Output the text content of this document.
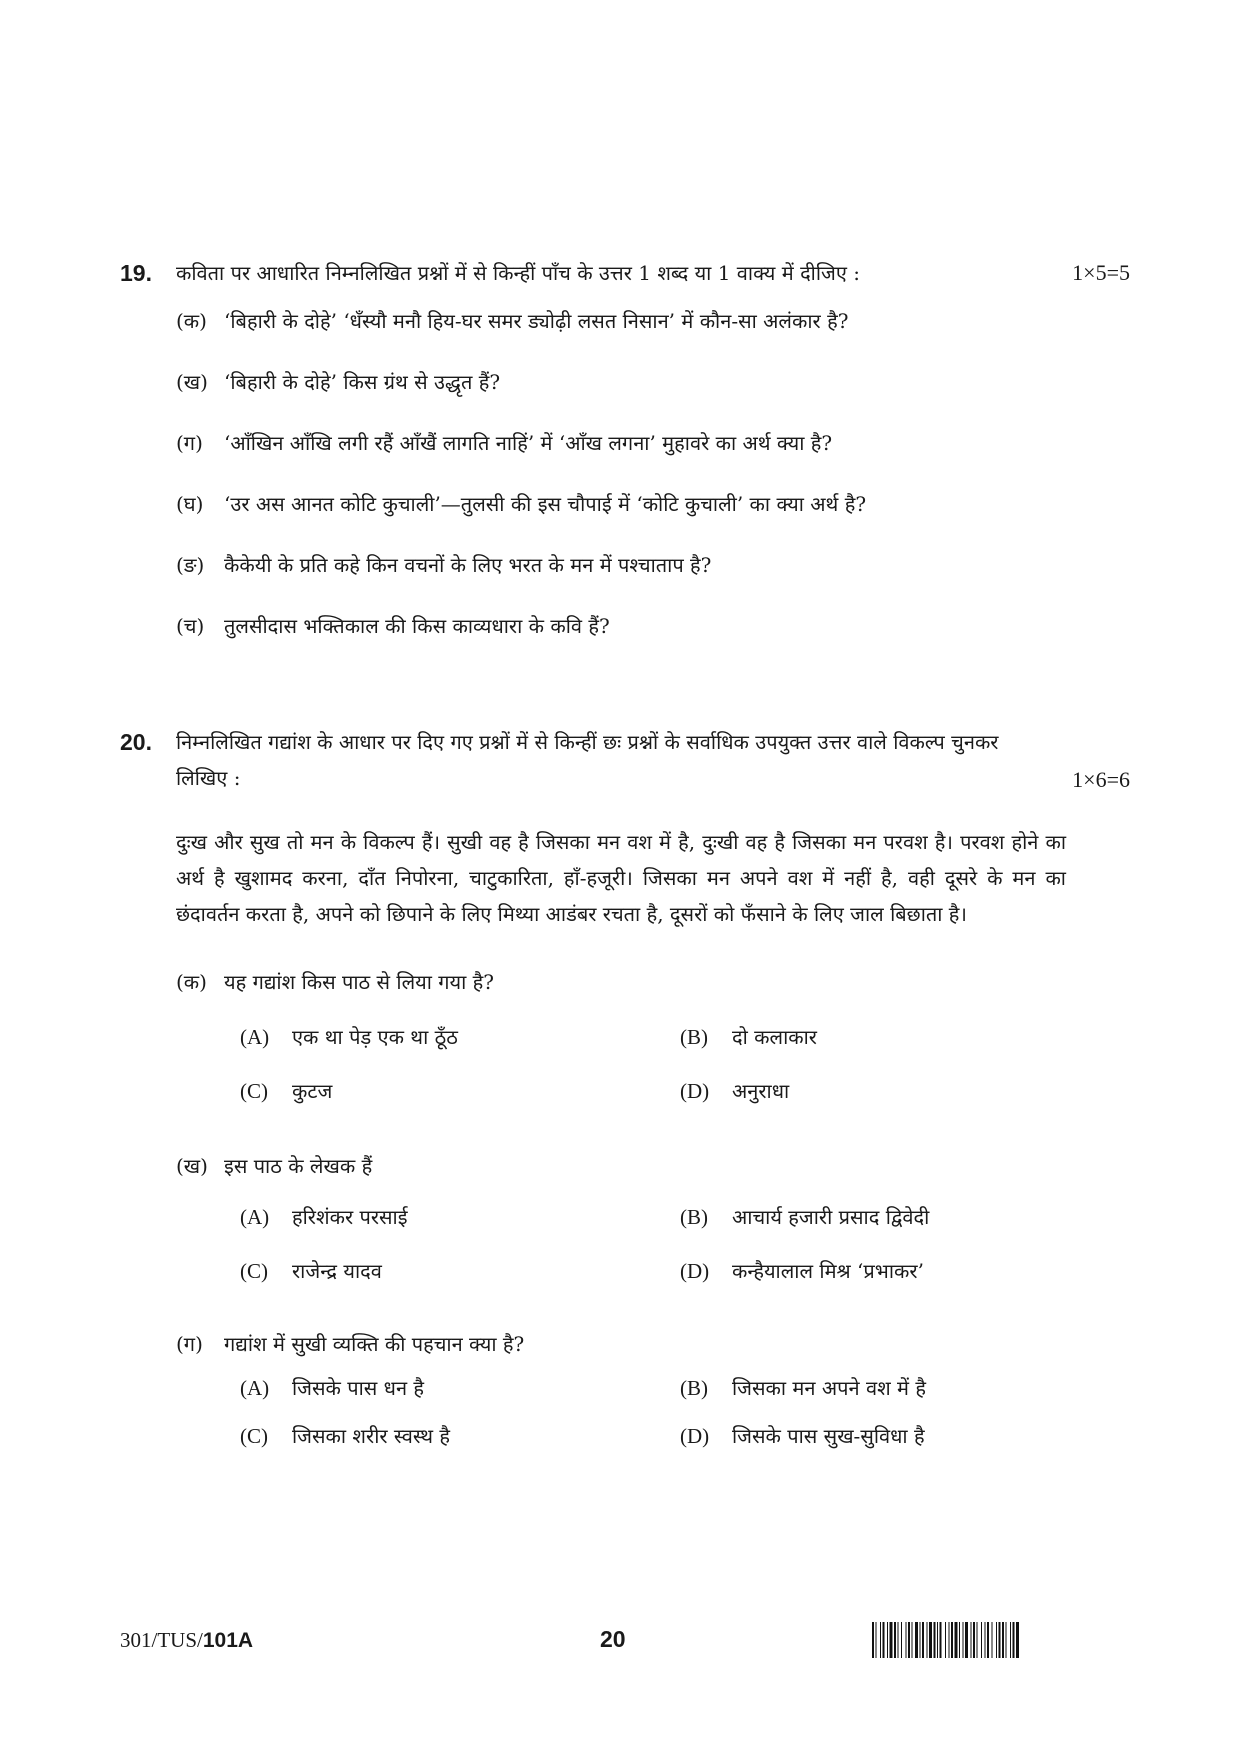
19. कविता पर आधारित निम्नलिखित प्रश्नों में से किन्हीं पाँच के उत्तर 1 शब्द या 1 वाक्य में दीजिए :	1×5=5
(क) ‘बिहारी के दोहे’ ‘धँस्यौ मनौ हिय-घर समर ड्योढ़ी लसत निसान’ में कौन-सा अलंकार है?
(ख) ‘बिहारी के दोहे’ किस ग्रंथ से उद्धृत हैं?
(ग) ‘आँखिन आँखि लगी रहैं आँखैं लागति नाहिं’ में ‘आँख लगना’ मुहावरे का अर्थ क्या है?
(घ) ‘उर अस आनत कोटि कुचाली’—तुलसी की इस चौपाई में ‘कोटि कुचाली’ का क्या अर्थ है?
(ङ) कैकेयी के प्रति कहे किन वचनों के लिए भरत के मन में पश्चाताप है?
(च) तुलसीदास भक्तिकाल की किस काव्यधारा के कवि हैं?
20. निम्नलिखित गद्यांश के आधार पर दिए गए प्रश्नों में से किन्हीं छः प्रश्नों के सर्वाधिक उपयुक्त उत्तर वाले विकल्प चुनकर लिखिए :	1×6=6
दुःख और सुख तो मन के विकल्प हैं। सुखी वह है जिसका मन वश में है, दुःखी वह है जिसका मन परवश है। परवश होने का अर्थ है खुशामद करना, दाँत निपोरना, चाटुकारिता, हाँ-हजूरी। जिसका मन अपने वश में नहीं है, वही दूसरे के मन का छंदावर्तन करता है, अपने को छिपाने के लिए मिथ्या आडंबर रचता है, दूसरों को फँसाने के लिए जाल बिछाता है।
(क) यह गद्यांश किस पाठ से लिया गया है?
(A) एक था पेड़ एक था ठूँठ	(B) दो कलाकार
(C) कुटज	(D) अनुराधा
(ख) इस पाठ के लेखक हैं
(A) हरिशंकर परसाई	(B) आचार्य हजारी प्रसाद द्विवेदी
(C) राजेन्द्र यादव	(D) कन्हैयालाल मिश्र ‘प्रभाकर’
(ग) गद्यांश में सुखी व्यक्ति की पहचान क्या है?
(A) जिसके पास धन है	(B) जिसका मन अपने वश में है
(C) जिसका शरीर स्वस्थ है	(D) जिसके पास सुख-सुविधा है
301/TUS/101A	20
